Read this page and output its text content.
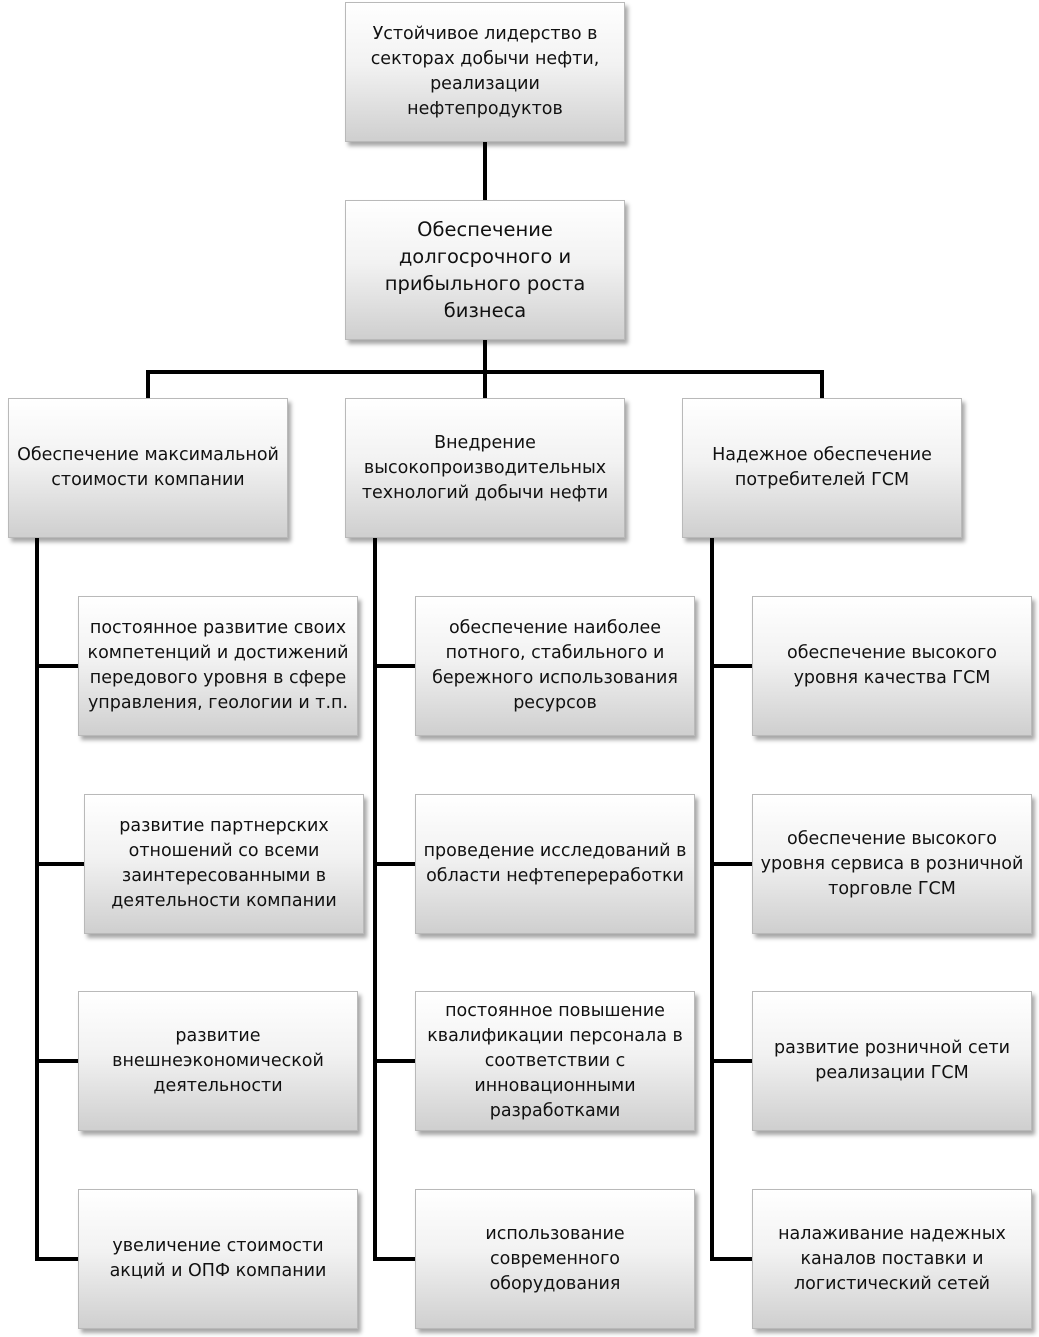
Устойчивое лидерство в секторах добычи нефти, реализации нефтепродуктов
Обеспечение долгосрочного и прибыльного роста бизнеса
Обеспечение максимальной стоимости компании
Внедрение высокопроизводительных технологий добычи нефти
Надежное обеспечение потребителей ГСМ
постоянное развитие своих компетенций и достижений передового уровня в сфере управления, геологии и т.п.
развитие партнерских отношений со всеми заинтересованными в деятельности компании
развитие внешнеэкономической деятельности
увеличение стоимости акций и ОПФ компании
обеспечение наиболее потного, стабильного и бережного использования ресурсов
проведение исследований в области нефтепереработки
постоянное повышение квалификации персонала в соответствии с инновационными разработками
использование современного оборудования
обеспечение высокого уровня качества ГСМ
обеспечение высокого уровня сервиса в розничной торговле ГСМ
развитие розничной сети реализации ГСМ
налаживание надежных каналов поставки и логистический сетей
